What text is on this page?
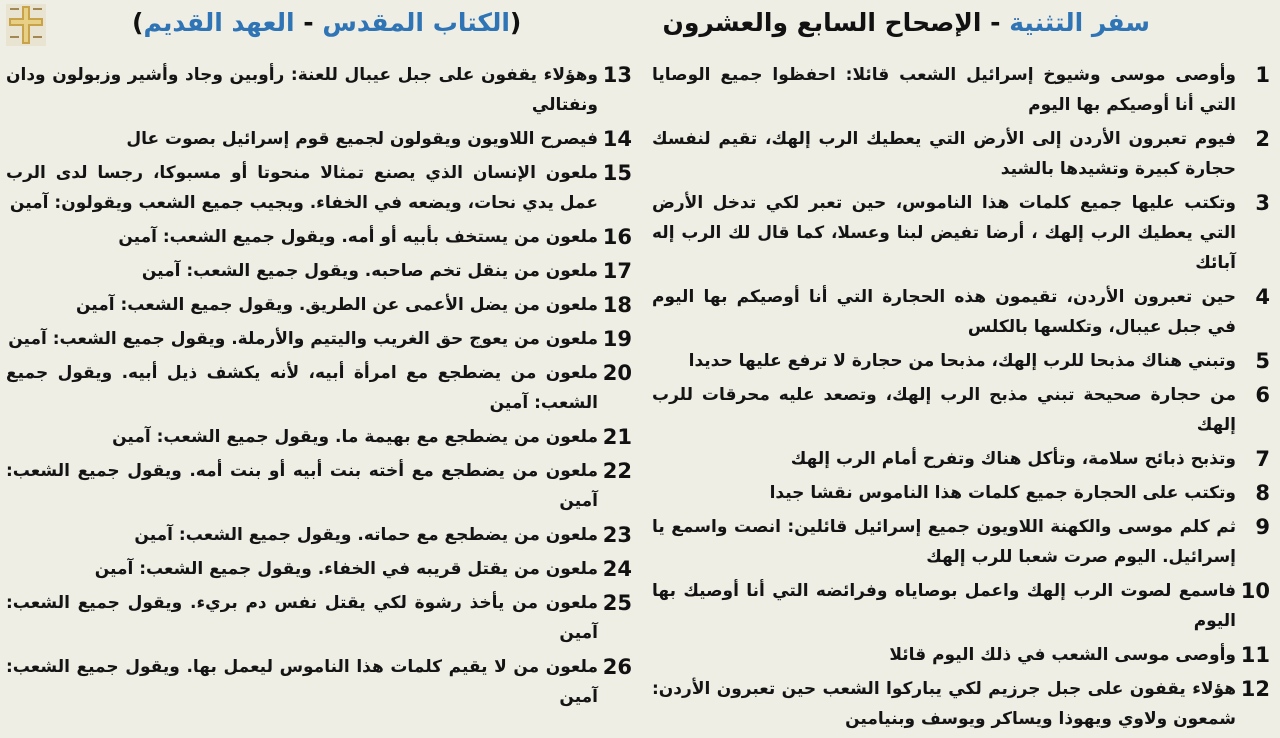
سفر التثنية - الإصحاح السابع والعشرون
(الكتاب المقدس - العهد القديم)
1
وأوصى موسى وشيوخ إسرائيل الشعب قائلا: احفظوا جميع الوصايا التي أنا أوصيكم بها اليوم
2
فيوم تعبرون الأردن إلى الأرض التي يعطيك الرب إلهك، تقيم لنفسك حجارة كبيرة وتشيدها بالشيد
3
وتكتب عليها جميع كلمات هذا الناموس، حين تعبر لكي تدخل الأرض التي يعطيك الرب إلهك ، أرضا تفيض لبنا وعسلا، كما قال لك الرب إله آبائك
4
حين تعبرون الأردن، تقيمون هذه الحجارة التي أنا أوصيكم بها اليوم في جبل عيبال، وتكلسها بالكلس
5
وتبني هناك مذبحا للرب إلهك، مذبحا من حجارة لا ترفع عليها حديدا
6
من حجارة صحيحة تبني مذبح الرب إلهك، وتصعد عليه محرقات للرب إلهك
7
وتذبح ذبائح سلامة، وتأكل هناك وتفرح أمام الرب إلهك
8
وتكتب على الحجارة جميع كلمات هذا الناموس نقشا جيدا
9
ثم كلم موسى والكهنة اللاويون جميع إسرائيل قائلين: انصت واسمع يا إسرائيل. اليوم صرت شعبا للرب إلهك
10
فاسمع لصوت الرب إلهك واعمل بوصاياه وفرائضه التي أنا أوصيك بها اليوم
11
وأوصى موسى الشعب في ذلك اليوم قائلا
12
هؤلاء يقفون على جبل جرزيم لكي يباركوا الشعب حين تعبرون الأردن: شمعون ولاوي ويهوذا ويساكر ويوسف وبنيامين
13
وهؤلاء يقفون على جبل عيبال للعنة: رأوبين وجاد وأشير وزبولون ودان ونفتالي
14
فيصرح اللاويون ويقولون لجميع قوم إسرائيل بصوت عال
15
ملعون الإنسان الذي يصنع تمثالا منحوتا أو مسبوكا، رجسا لدى الرب عمل يدي نحات، ويضعه في الخفاء. ويجيب جميع الشعب ويقولون: آمين
16
ملعون من يستخف بأبيه أو أمه. ويقول جميع الشعب: آمين
17
ملعون من ينقل تخم صاحبه. ويقول جميع الشعب: آمين
18
ملعون من يضل الأعمى عن الطريق. ويقول جميع الشعب: آمين
19
ملعون من يعوج حق الغريب واليتيم والأرملة. ويقول جميع الشعب: آمين
20
ملعون من يضطجع مع امرأة أبيه، لأنه يكشف ذيل أبيه. ويقول جميع الشعب: آمين
21
ملعون من يضطجع مع بهيمة ما. ويقول جميع الشعب: آمين
22
ملعون من يضطجع مع أخته بنت أبيه أو بنت أمه. ويقول جميع الشعب: آمين
23
ملعون من يضطجع مع حماته. ويقول جميع الشعب: آمين
24
ملعون من يقتل قريبه في الخفاء. ويقول جميع الشعب: آمين
25
ملعون من يأخذ رشوة لكي يقتل نفس دم بريء. ويقول جميع الشعب: آمين
26
ملعون من لا يقيم كلمات هذا الناموس ليعمل بها. ويقول جميع الشعب: آمين
